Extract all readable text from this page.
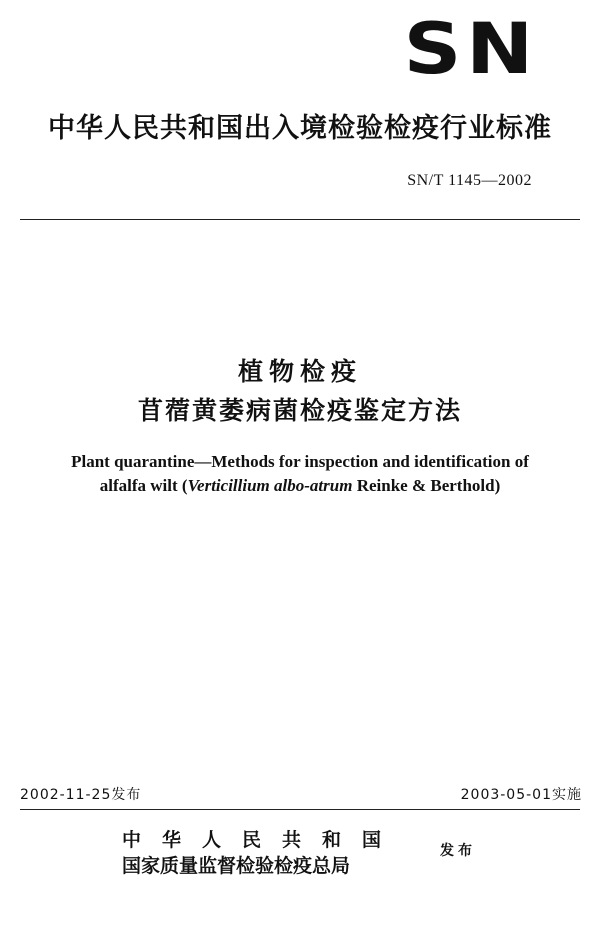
SN
中华人民共和国出入境检验检疫行业标准
SN/T 1145—2002
植物检疫
苜蓿黄萎病菌检疫鉴定方法
Plant quarantine—Methods for inspection and identification of
alfalfa wilt (Verticillium albo-atrum Reinke & Berthold)
2002-11-25发布	2003-05-01实施
中华人民共和国
国家质量监督检验检疫总局
发布
